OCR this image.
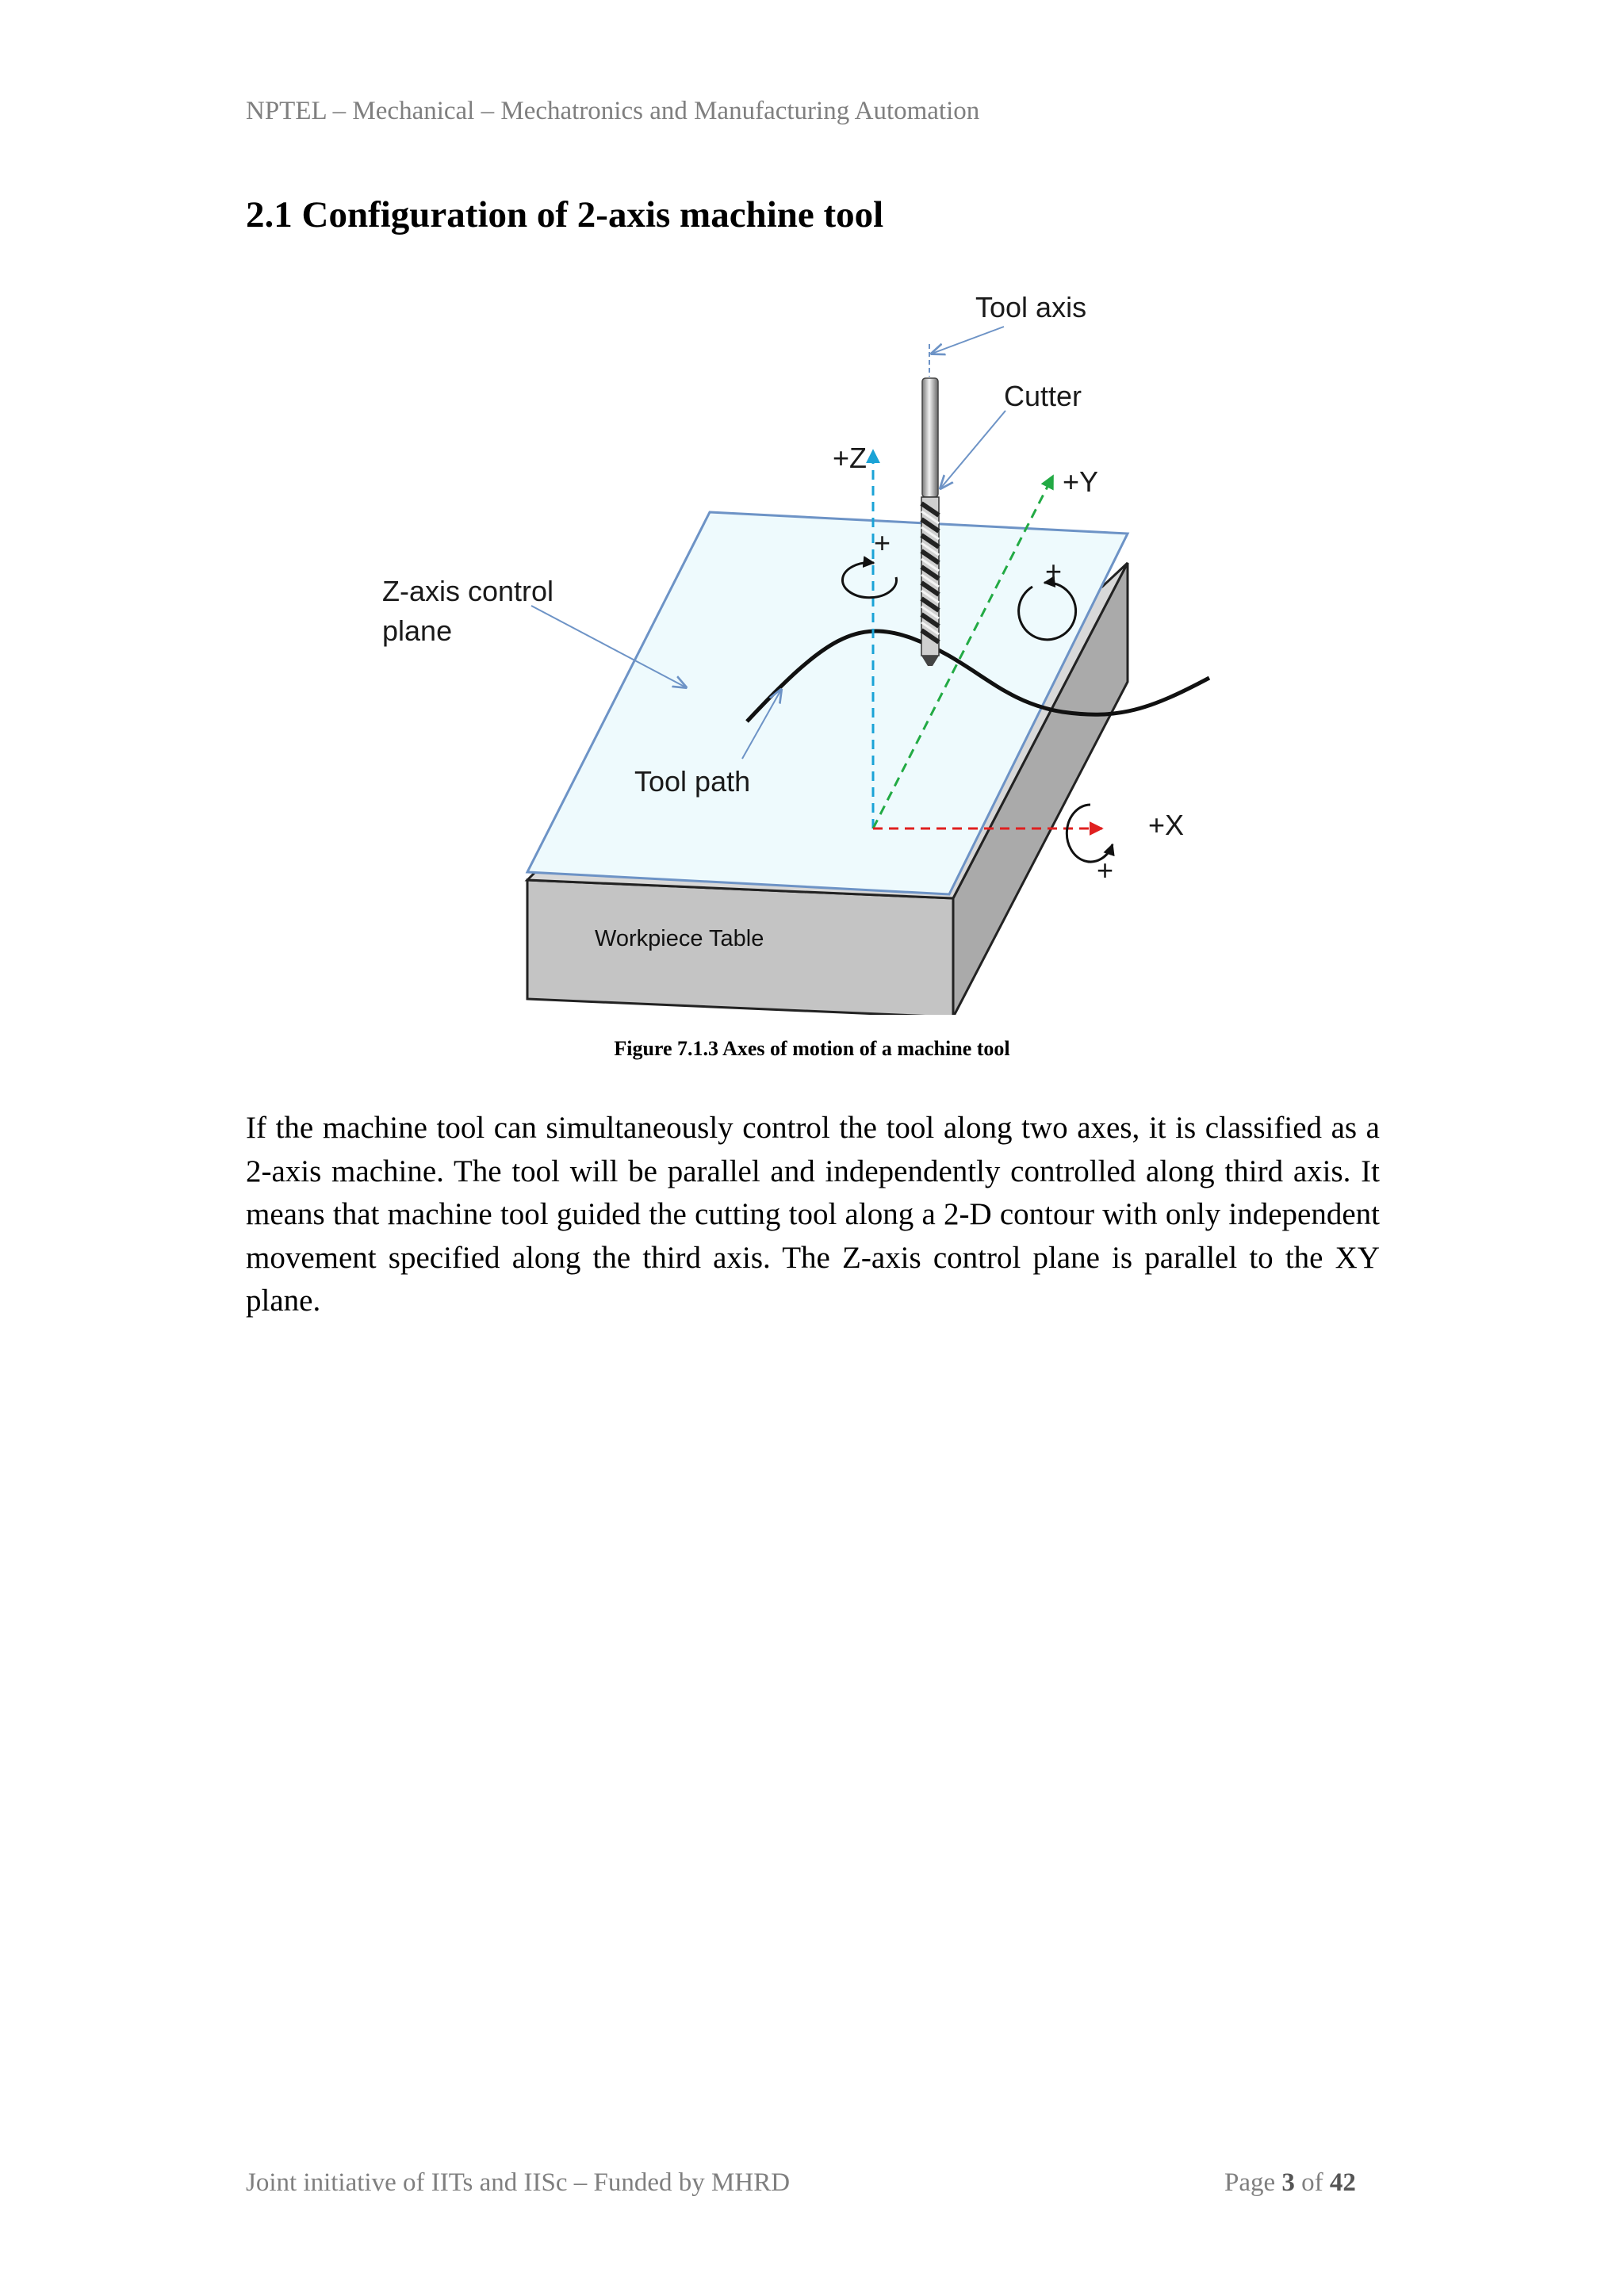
NPTEL – Mechanical – Mechatronics and Manufacturing Automation
2.1 Configuration of 2-axis machine tool
+
+
+
Tool axis
Cutter
+Z
+Y
+X
Z-axis control
plane
Tool path
Workpiece Table
Figure 7.1.3 Axes of motion of a machine tool

If the machine tool can simultaneously control the tool along two axes, it is classified as a 2-axis machine. The tool will be parallel and independently controlled along third axis. It means that machine tool guided the cutting tool along a 2-D contour with only independent movement specified along the third axis. The Z-axis control plane is parallel to the XY plane.

Joint initiative of IITs and IISc – Funded by MHRD	Page 3 of 42
